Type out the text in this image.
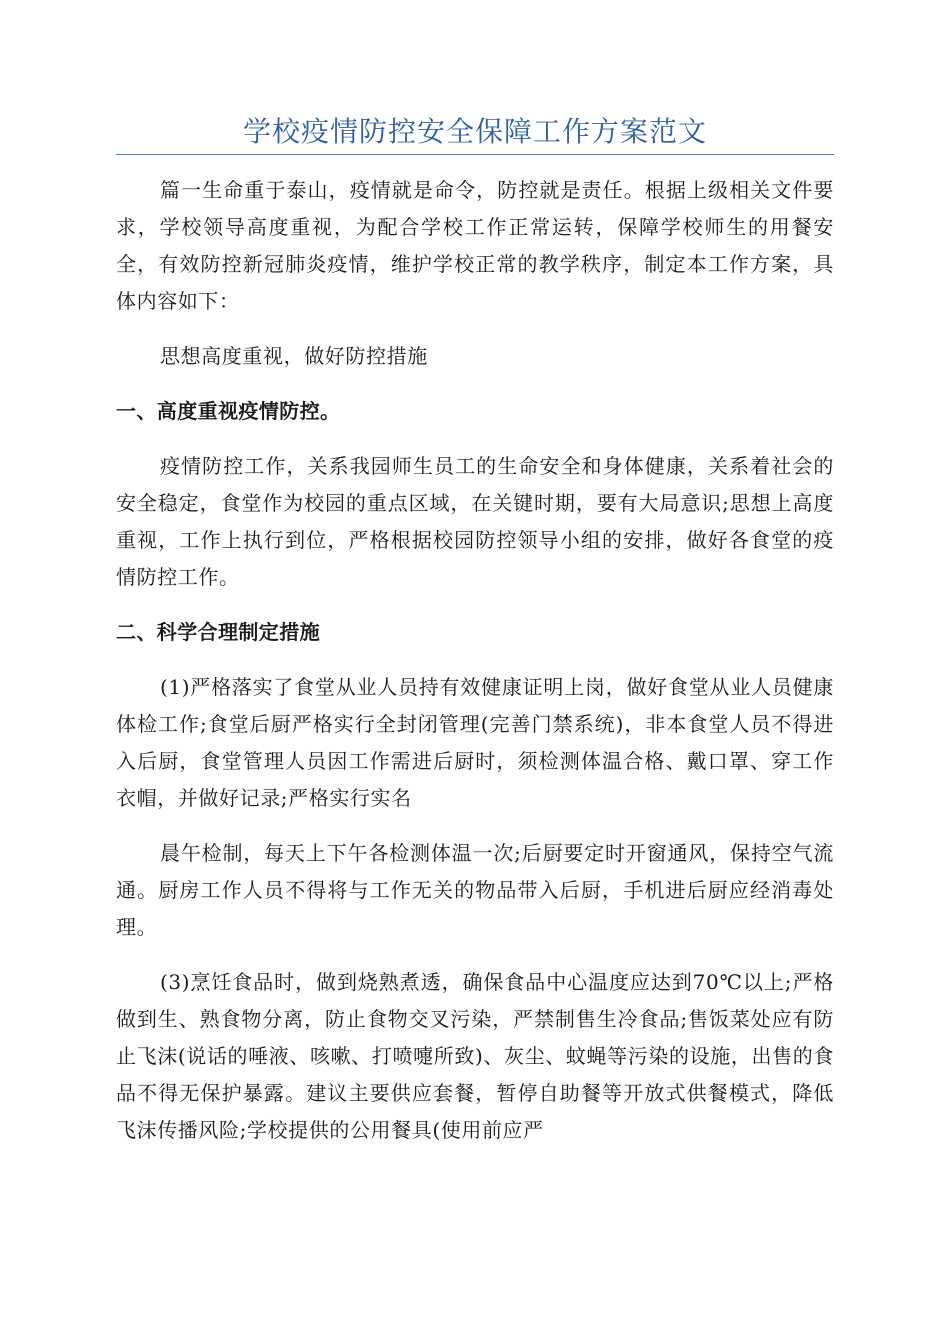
学校疫情防控安全保障工作方案范文

篇一生命重于泰山，疫情就是命令，防控就是责任。根据上级相关文件要求，学校领导高度重视，为配合学校工作正常运转，保障学校师生的用餐安全，有效防控新冠肺炎疫情，维护学校正常的教学秩序，制定本工作方案，具体内容如下：

思想高度重视，做好防控措施

一、高度重视疫情防控。

疫情防控工作，关系我园师生员工的生命安全和身体健康，关系着社会的安全稳定，食堂作为校园的重点区域，在关键时期，要有大局意识;思想上高度重视，工作上执行到位，严格根据校园防控领导小组的安排，做好各食堂的疫情防控工作。

二、科学合理制定措施

(1)严格落实了食堂从业人员持有效健康证明上岗，做好食堂从业人员健康体检工作;食堂后厨严格实行全封闭管理(完善门禁系统)，非本食堂人员不得进入后厨，食堂管理人员因工作需进后厨时，须检测体温合格、戴口罩、穿工作衣帽，并做好记录;严格实行实名

晨午检制，每天上下午各检测体温一次;后厨要定时开窗通风，保持空气流通。厨房工作人员不得将与工作无关的物品带入后厨，手机进后厨应经消毒处理。

(3)烹饪食品时，做到烧熟煮透，确保食品中心温度应达到70℃以上;严格做到生、熟食物分离，防止食物交叉污染，严禁制售生冷食品;售饭菜处应有防止飞沫(说话的唾液、咳嗽、打喷嚏所致)、灰尘、蚊蝇等污染的设施，出售的食品不得无保护暴露。建议主要供应套餐，暂停自助餐等开放式供餐模式，降低飞沫传播风险;学校提供的公用餐具(使用前应严
